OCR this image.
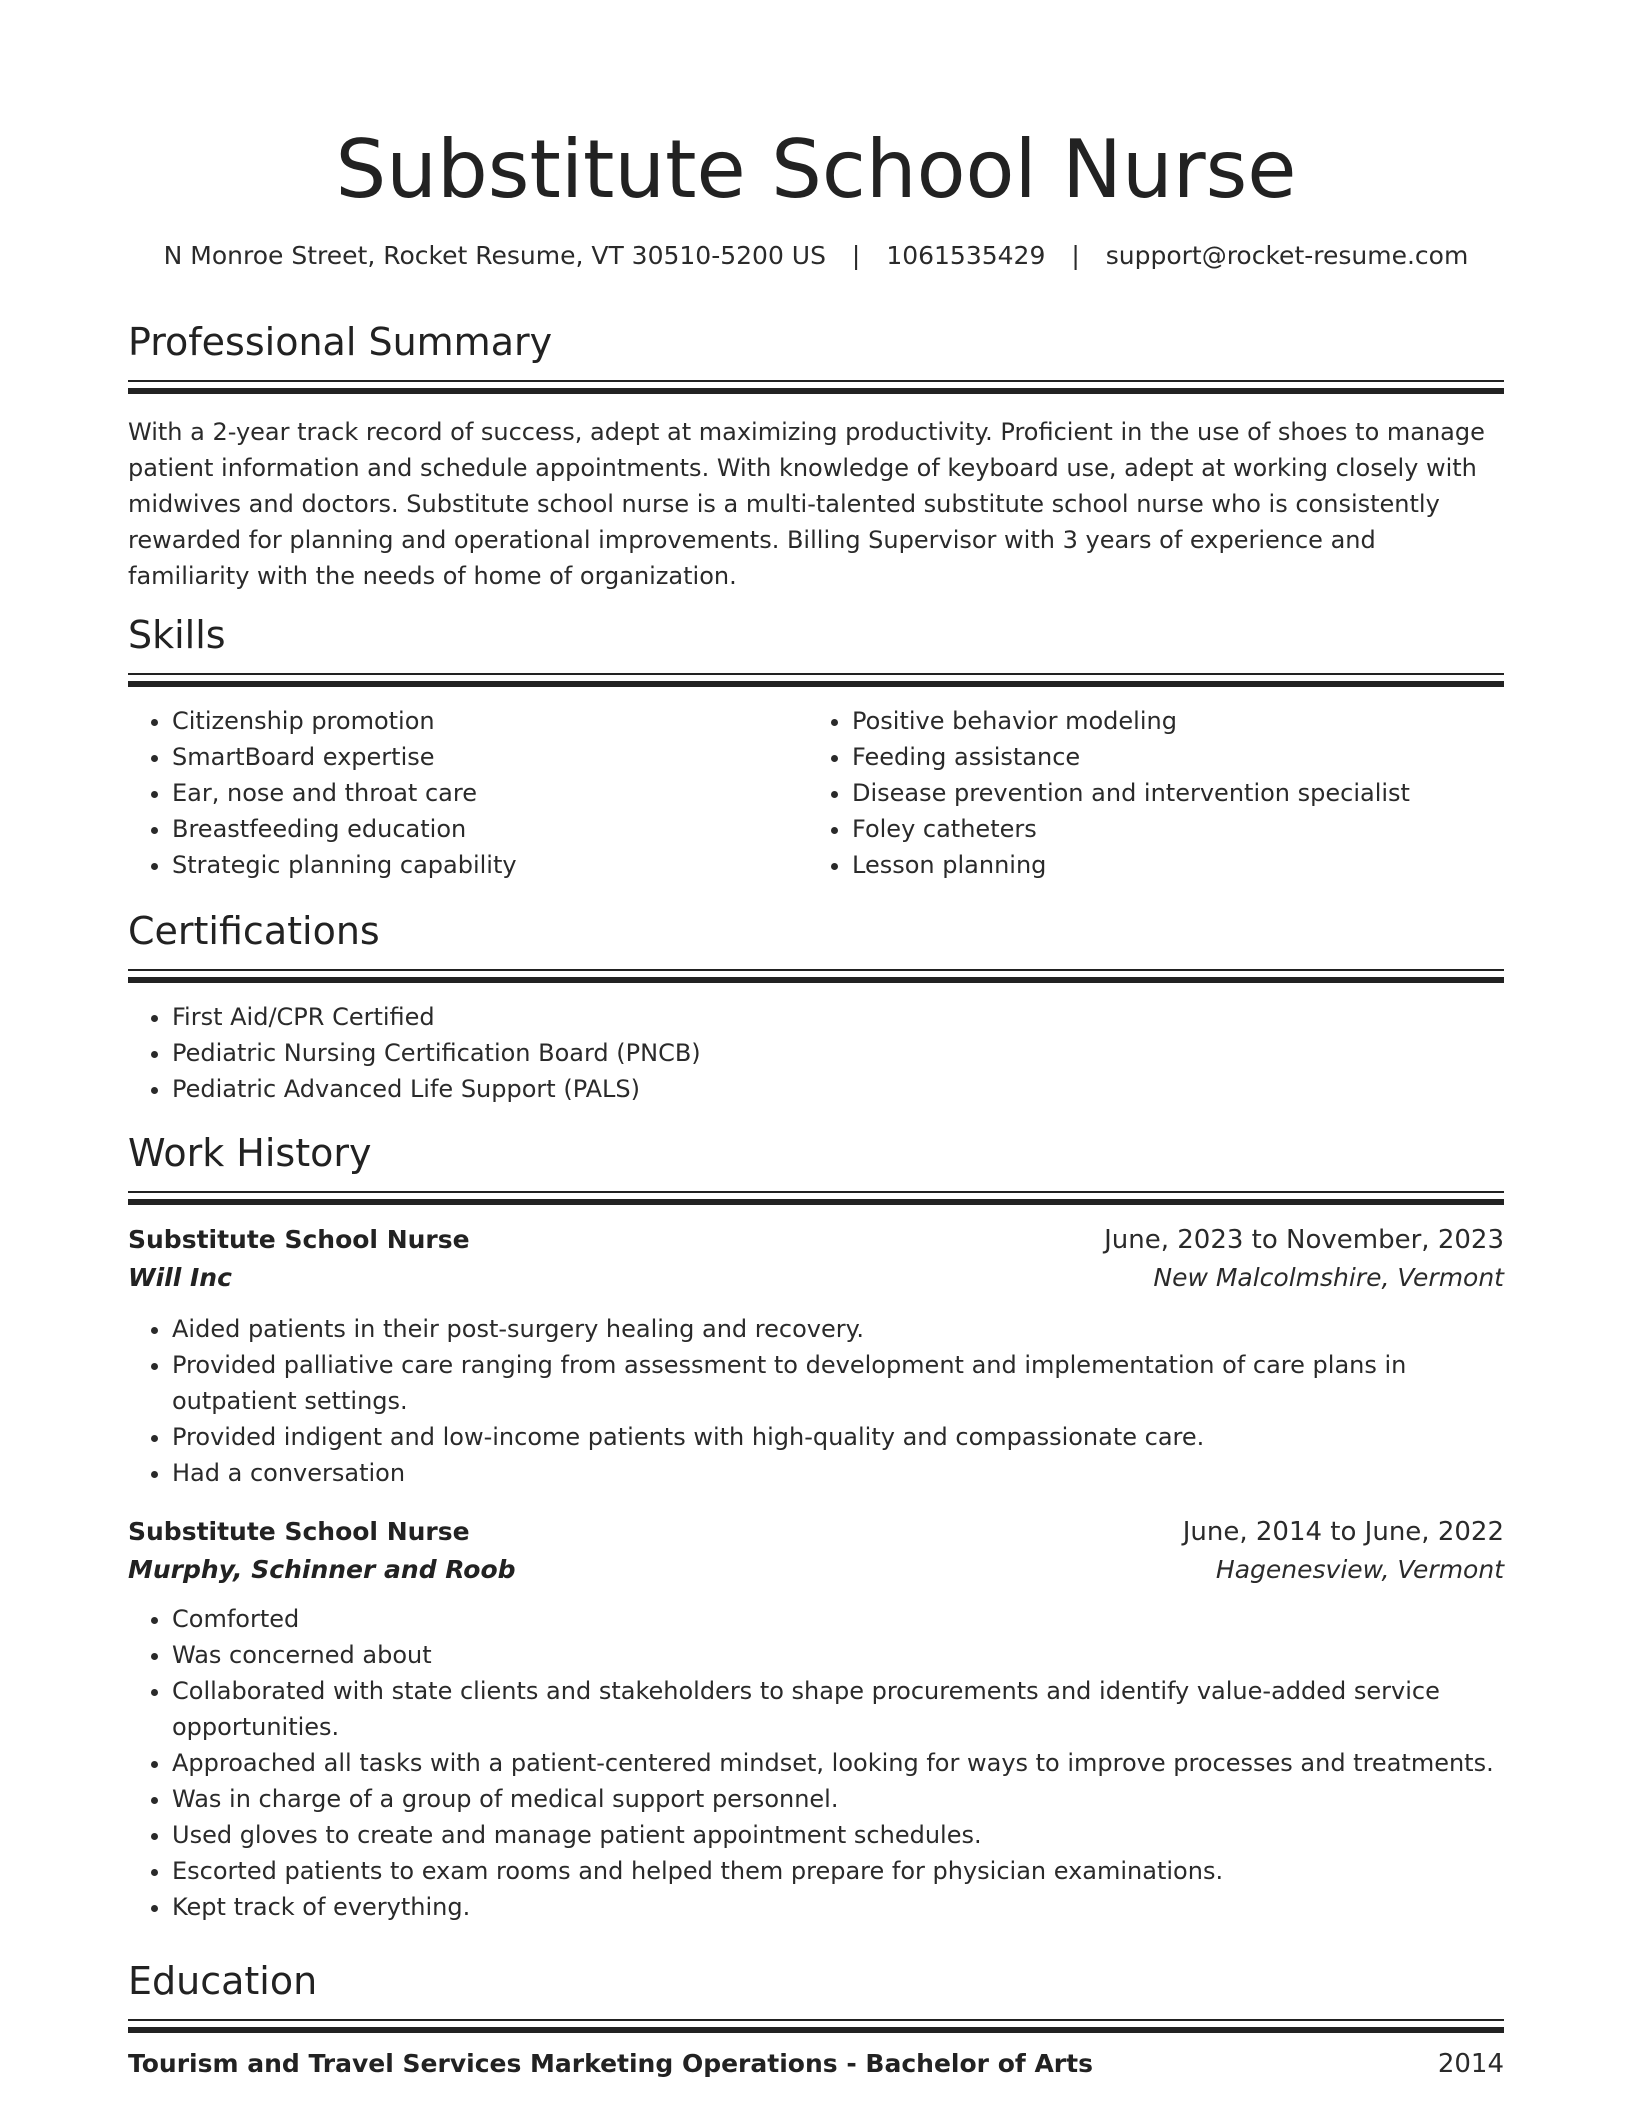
Substitute School Nurse
N Monroe Street, Rocket Resume, VT 30510-5200 US | 1061535429 | support@rocket-resume.com
Professional Summary

With a 2-year track record of success, adept at maximizing productivity. Proficient in the use of shoes to manage patient information and schedule appointments. With knowledge of keyboard use, adept at working closely with midwives and doctors. Substitute school nurse is a multi-talented substitute school nurse who is consistently rewarded for planning and operational improvements. Billing Supervisor with 3 years of experience and familiarity with the needs of home of organization.

Skills
• Citizenship promotion
• SmartBoard expertise
• Ear, nose and throat care
• Breastfeeding education
• Strategic planning capability
• Positive behavior modeling
• Feeding assistance
• Disease prevention and intervention specialist
• Foley catheters
• Lesson planning
Certifications
• First Aid/CPR Certified
• Pediatric Nursing Certification Board (PNCB)
• Pediatric Advanced Life Support (PALS)
Work History
Substitute School Nurse	June, 2023 to November, 2023
Will Inc	New Malcolmshire, Vermont
• Aided patients in their post-surgery healing and recovery.
• Provided palliative care ranging from assessment to development and implementation of care plans in outpatient settings.
• Provided indigent and low-income patients with high-quality and compassionate care.
• Had a conversation
Substitute School Nurse	June, 2014 to June, 2022
Murphy, Schinner and Roob	Hagenesview, Vermont
• Comforted
• Was concerned about
• Collaborated with state clients and stakeholders to shape procurements and identify value-added service opportunities.
• Approached all tasks with a patient-centered mindset, looking for ways to improve processes and treatments.
• Was in charge of a group of medical support personnel.
• Used gloves to create and manage patient appointment schedules.
• Escorted patients to exam rooms and helped them prepare for physician examinations.
• Kept track of everything.
Education
Tourism and Travel Services Marketing Operations - Bachelor of Arts	2014
